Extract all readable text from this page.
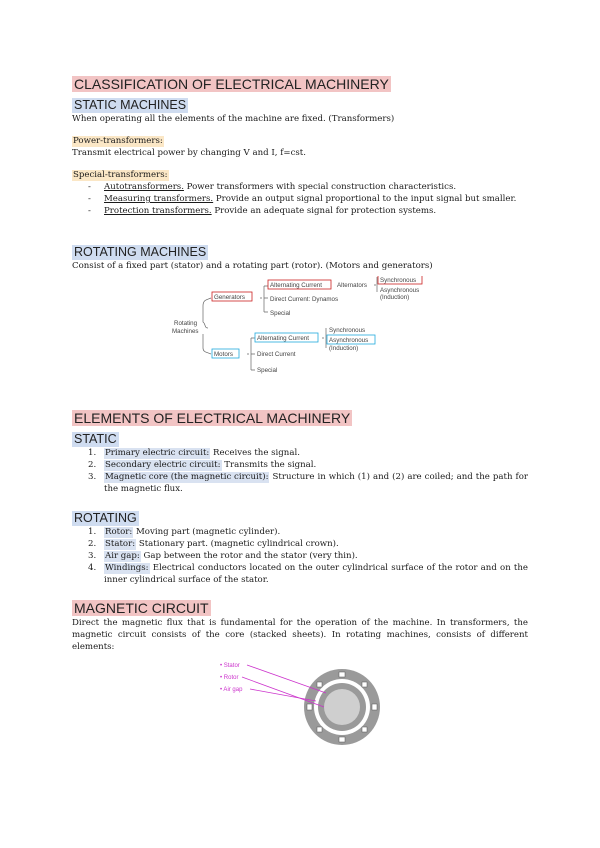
CLASSIFICATION OF ELECTRICAL MACHINERY
STATIC MACHINES

When operating all the elements of the machine are fixed. (Transformers)

Power-transformers:

Transmit electrical power by changing V and I, f=cst.

Special-transformers:

- Autotransformers. Power transformers with special construction characteristics.
- Measuring transformers. Provide an output signal proportional to the input signal but smaller.
- Protection transformers. Provide an adequate signal for protection systems.
ROTATING MACHINES

Consist of a fixed part (stator) and a rotating part (rotor). (Motors and generators)

Rotating
Machines
Generators
Alternating Current
Direct Current: Dynamos
Special
Alternators
Synchronous
Asynchronous
(Induction)
Motors
Alternating Current
Direct Current
Special
Synchronous
Asynchronous
(Induction)
ELEMENTS OF ELECTRICAL MACHINERY
STATIC
1. Primary electric circuit: Receives the signal.
2. Secondary electric circuit: Transmits the signal.
3. Magnetic core (the magnetic circuit): Structure in which (1) and (2) are coiled; and the path for the magnetic flux.
ROTATING
1. Rotor: Moving part (magnetic cylinder).
2. Stator: Stationary part. (magnetic cylindrical crown).
3. Air gap: Gap between the rotor and the stator (very thin).
4. Windings: Electrical conductors located on the outer cylindrical surface of the rotor and on the inner cylindrical surface of the stator.
MAGNETIC CIRCUIT

Direct the magnetic flux that is fundamental for the operation of the machine. In transformers, the magnetic circuit consists of the core (stacked sheets). In rotating machines, consists of different elements:

• Stator
• Rotor
• Air gap
